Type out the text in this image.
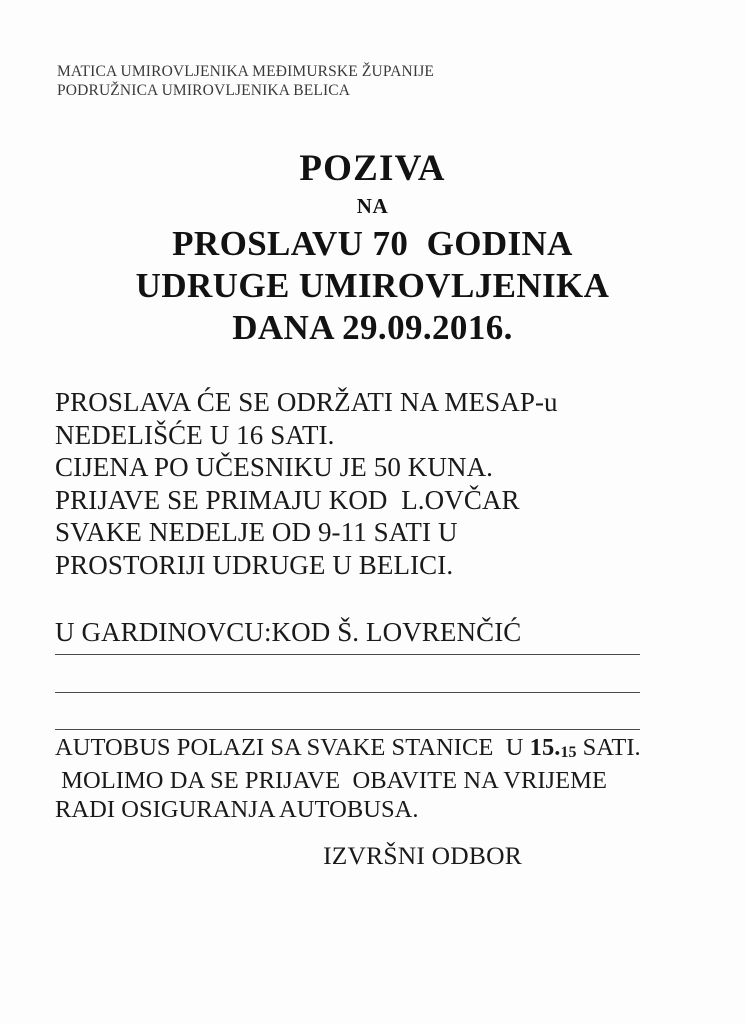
MATICA UMIROVLJENIKA MEĐIMURSKE ŽUPANIJE
PODRUŽNICA UMIROVLJENIKA BELICA
POZIVA
NA
PROSLAVU 70  GODINA
UDRUGE UMIROVLJENIKA
DANA 29.09.2016.
PROSLAVA ĆE SE ODRŽATI NA MESAP-u
NEDELIŠĆE U 16 SATI.
CIJENA PO UČESNIKU JE 50 KUNA.
PRIJAVE SE PRIMAJU KOD  L.OVČAR
SVAKE NEDELJE OD 9-11 SATI U
PROSTORIJI UDRUGE U BELICI.
U GARDINOVCU:KOD Š. LOVRENČIĆ
AUTOBUS POLAZI SA SVAKE STANICE  U 15.15 SATI.
MOLIMO DA SE PRIJAVE  OBAVITE NA VRIJEME
RADI OSIGURANJA AUTOBUSA.
IZVRŠNI ODBOR
